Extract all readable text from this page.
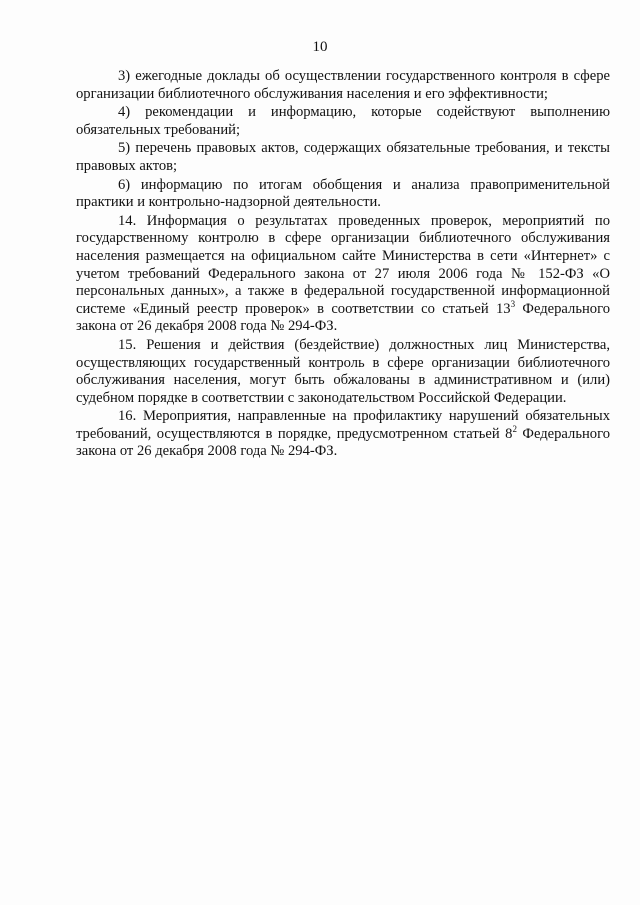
10

3) ежегодные доклады об осуществлении государственного контроля в сфере организации библиотечного обслуживания населения и его эффективности;

4) рекомендации и информацию, которые содействуют выполнению обязательных требований;

5) перечень правовых актов, содержащих обязательные требования, и тексты правовых актов;

6) информацию по итогам обобщения и анализа правоприменительной практики и контрольно-надзорной деятельности.

14. Информация о результатах проведенных проверок, мероприятий по государственному контролю в сфере организации библиотечного обслуживания населения размещается на официальном сайте Министерства в сети «Интернет» с учетом требований Федерального закона от 27 июля 2006 года № 152-ФЗ «О персональных данных», а также в федеральной государственной информационной системе «Единый реестр проверок» в соответствии со статьей $13^3$ Федерального закона от 26 декабря 2008 года № 294-ФЗ.

15. Решения и действия (бездействие) должностных лиц Министерства, осуществляющих государственный контроль в сфере организации библиотечного обслуживания населения, могут быть обжалованы в административном и (или) судебном порядке в соответствии с законодательством Российской Федерации.

16. Мероприятия, направленные на профилактику нарушений обязательных требований, осуществляются в порядке, предусмотренном статьей $8^2$ Федерального закона от 26 декабря 2008 года № 294-ФЗ.
